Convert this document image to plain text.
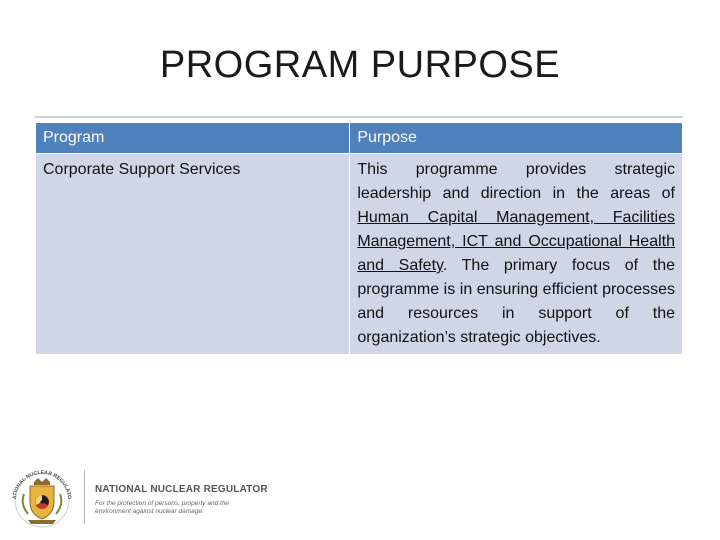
PROGRAM PURPOSE
Program	Purpose
Corporate Support Services	This programme provides strategic leadership and direction in the areas of Human Capital Management, Facilities Management, ICT and Occupational Health and Safety. The primary focus of the programme is in ensuring efficient processes and resources in support of the organization’s strategic objectives.
ATIONAL NUCLEAR REGULATO
NATIONAL NUCLEAR REGULATOR
For the protection of persons, property and the environment against nuclear damage.
